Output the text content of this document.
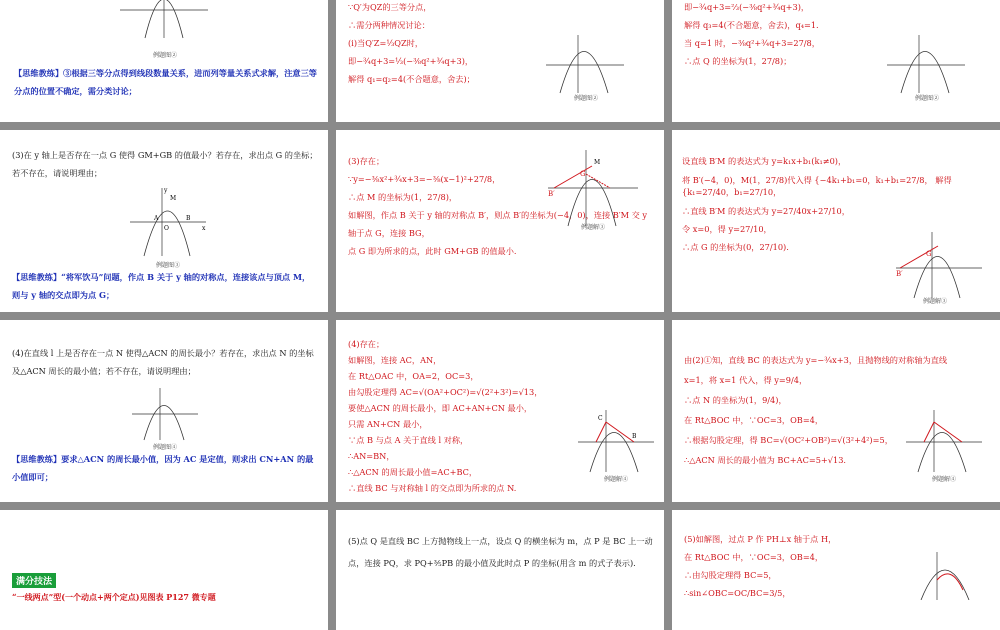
例题图②
【思维教练】③根据三等分点得到线段数量关系，进而列等量关系式求解，注意三等分点的位置不确定，需分类讨论；
∵Q′为QZ的三等分点，
∴需分两种情况讨论：
(ⅰ)当Q′Z=⅓QZ时，
即−¾q+3=⅓(−⅜q²+¾q+3)，
解得 q₁=q₂=4(不合题意，舍去)；
例题图②
即−¾q+3=⅔(−⅜q²+¾q+3)，
解得 q₃=4(不合题意，舍去)，q₄=1.
当 q=1 时，−⅜q²+¾q+3=27/8，
∴点 Q 的坐标为(1，27/8)；
例题图②
(3)在 y 轴上是否存在一点 G 使得 GM+GB 的值最小？若存在，求出点 G 的坐标；若不存在，请说明理由；
A
O
B
M
y
x
例题图③
【思维教练】“将军饮马”问题，作点 B 关于 y 轴的对称点，连接该点与顶点 M，则与 y 轴的交点即为点 G；
(3)存在；
∵y=−⅜x²+¾x+3=−⅜(x−1)²+27/8，
∴点 M 的坐标为(1，27/8)，
如解图，作点 B 关于 y 轴的对称点 B′，则点 B′的坐标为(−4，0)，连接 B′M 交 y 轴于点 G，连接 BG，
点 G 即为所求的点，此时 GM+GB 的值最小.
B′
G
M
例题解③
设直线 B′M 的表达式为 y=k₁x+b₁(k₁≠0)，
将 B′(−4，0)，M(1，27/8)代入得 {−4k₁+b₁=0，k₁+b₁=27/8， 解得 {k₁=27/40，b₁=27/10，
∴直线 B′M 的表达式为 y=27/40x+27/10，
令 x=0，得 y=27/10，
∴点 G 的坐标为(0，27/10).
B′
G
例题解③
(4)在直线 l 上是否存在一点 N 使得△ACN 的周长最小？若存在，求出点 N 的坐标及△ACN 周长的最小值；若不存在，请说明理由；
例题图④
【思维教练】要求△ACN 的周长最小值，因为 AC 是定值，则求出 CN+AN 的最小值即可；
(4)存在；
如解图，连接 AC，AN，
在 Rt△OAC 中，OA=2，OC=3，
由勾股定理得 AC=√(OA²+OC²)=√(2²+3²)=√13，
要使△ACN 的周长最小，即 AC+AN+CN 最小，
只需 AN+CN 最小，
∵点 B 与点 A 关于直线 l 对称，
∴AN=BN，
∴△ACN 的周长最小值=AC+BC，
∴直线 BC 与对称轴 l 的交点即为所求的点 N.
C
B
例题解④
由(2)①知，直线 BC 的表达式为 y=−¾x+3，且抛物线的对称轴为直线
x=1，将 x=1 代入，得 y=9/4，
∴点 N 的坐标为(1，9/4)，
在 Rt△BOC 中，∵OC=3，OB=4，
∴根据勾股定理，得 BC=√(OC²+OB²)=√(3²+4²)=5，
∴△ACN 周长的最小值为 BC+AC=5+√13.
例题解④
满分技法
“一线两点”型(一个动点+两个定点)见图表 P127 微专题
(5)点 Q 是直线 BC 上方抛物线上一点，设点 Q 的横坐标为 m，点 P 是 BC 上一动点，连接 PQ，求 PQ+⅗PB 的最小值及此时点 P 的坐标(用含 m 的式子表示).
(5)如解图，过点 P 作 PH⊥x 轴于点 H，
在 Rt△BOC 中，∵OC=3，OB=4，
∴由勾股定理得 BC=5，
∴sin∠OBC=OC/BC=3/5，
